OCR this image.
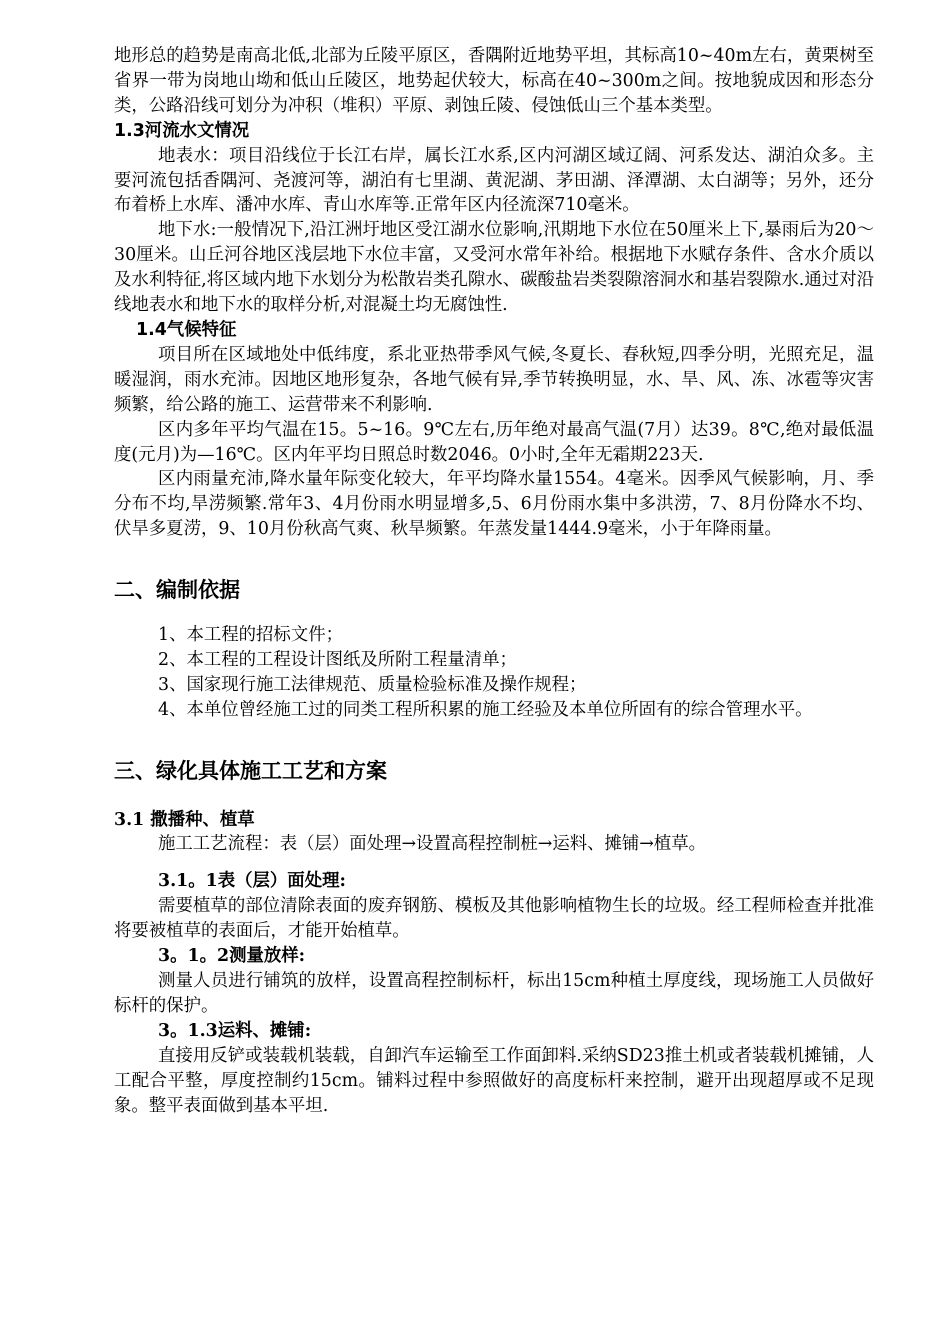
地形总的趋势是南高北低,北部为丘陵平原区，香隅附近地势平坦，其标高10~40m左右，黄栗树至省界一带为岗地山坳和低山丘陵区，地势起伏较大，标高在40~300m之间。按地貌成因和形态分类，公路沿线可划分为冲积（堆积）平原、剥蚀丘陵、侵蚀低山三个基本类型。

1.3河流水文情况

地表水：项目沿线位于长江右岸，属长江水系,区内河湖区域辽阔、河系发达、湖泊众多。主要河流包括香隅河、尧渡河等，湖泊有七里湖、黄泥湖、茅田湖、泽潭湖、太白湖等；另外，还分布着桥上水库、潘冲水库、青山水库等.正常年区内径流深710毫米。

地下水:一般情况下,沿江洲圩地区受江湖水位影响,汛期地下水位在50厘米上下,暴雨后为20～30厘米。山丘河谷地区浅层地下水位丰富，又受河水常年补给。根据地下水赋存条件、含水介质以及水利特征,将区域内地下水划分为松散岩类孔隙水、碳酸盐岩类裂隙溶洞水和基岩裂隙水.通过对沿线地表水和地下水的取样分析,对混凝土均无腐蚀性.

1.4气候特征

项目所在区域地处中低纬度，系北亚热带季风气候,冬夏长、春秋短,四季分明，光照充足，温暖湿润，雨水充沛。因地区地形复杂，各地气候有异,季节转换明显，水、旱、风、冻、冰雹等灾害频繁，给公路的施工、运营带来不利影响.

区内多年平均气温在15。5~16。9℃左右,历年绝对最高气温(7月）达39。8℃,绝对最低温度(元月)为—16℃。区内年平均日照总时数2046。0小时,全年无霜期223天.

区内雨量充沛,降水量年际变化较大，年平均降水量1554。4毫米。因季风气候影响，月、季分布不均,旱涝频繁.常年3、4月份雨水明显增多,5、6月份雨水集中多洪涝，7、8月份降水不均、伏旱多夏涝，9、10月份秋高气爽、秋旱频繁。年蒸发量1444.9毫米，小于年降雨量。

二、编制依据

1、本工程的招标文件；

2、本工程的工程设计图纸及所附工程量清单；

3、国家现行施工法律规范、质量检验标准及操作规程；

4、本单位曾经施工过的同类工程所积累的施工经验及本单位所固有的综合管理水平。

三、绿化具体施工工艺和方案

3.1 撒播种、植草

施工工艺流程：表（层）面处理→设置高程控制桩→运料、摊铺→植草。

3.1。1表（层）面处理:

需要植草的部位清除表面的废弃钢筋、模板及其他影响植物生长的垃圾。经工程师检查并批准将要被植草的表面后，才能开始植草。

3。1。2测量放样:

测量人员进行铺筑的放样，设置高程控制标杆，标出15cm种植土厚度线，现场施工人员做好标杆的保护。

3。1.3运料、摊铺:

直接用反铲或装载机装载，自卸汽车运输至工作面卸料.采纳SD23推土机或者装载机摊铺，人工配合平整，厚度控制约15cm。铺料过程中参照做好的高度标杆来控制，避开出现超厚或不足现象。整平表面做到基本平坦.
